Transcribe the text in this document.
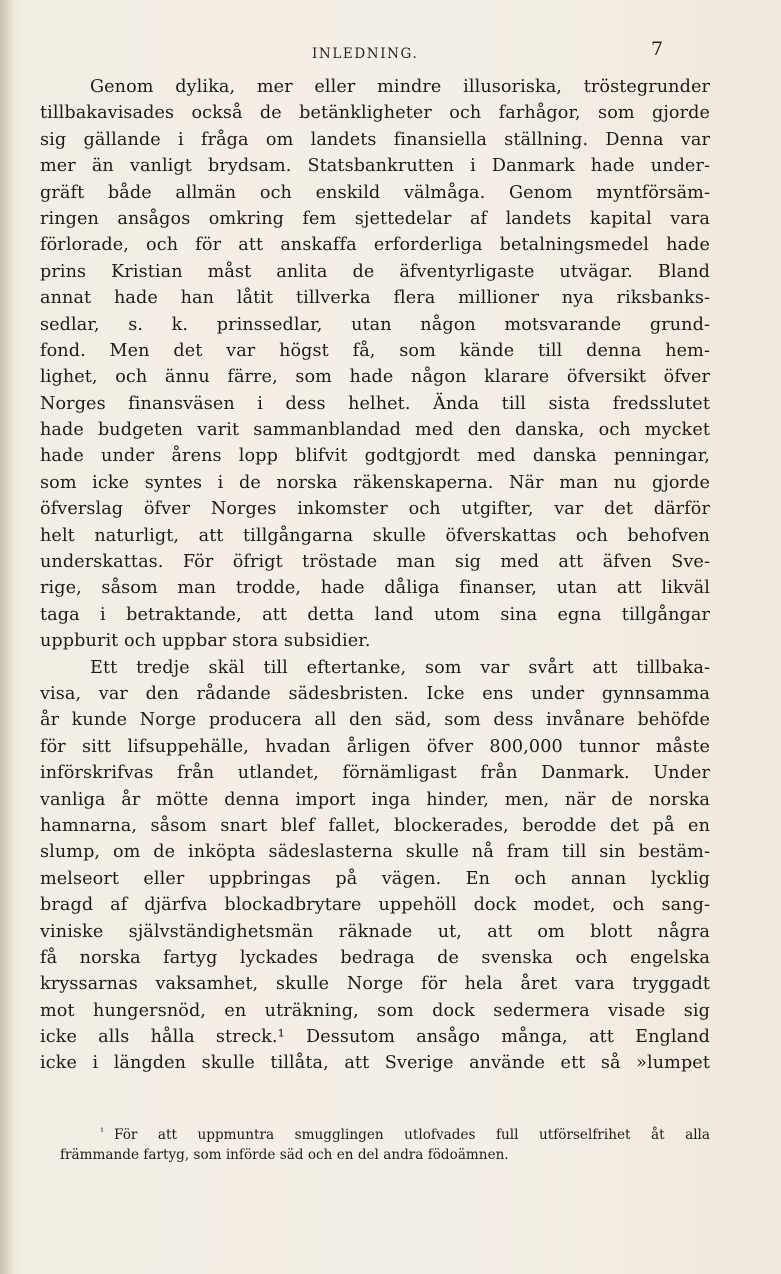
INLEDNING.	7
Genom dylika, mer eller mindre illusoriska, tröstegrunder
tillbakavisades också de betänkligheter och farhågor, som gjorde
sig gällande i fråga om landets finansiella ställning. Denna var
mer än vanligt brydsam. Statsbankrutten i Danmark hade under-
gräft både allmän och enskild välmåga. Genom myntförsäm-
ringen ansågos omkring fem sjettedelar af landets kapital vara
förlorade, och för att anskaffa erforderliga betalningsmedel hade
prins Kristian måst anlita de äfventyrligaste utvägar. Bland
annat hade han låtit tillverka flera millioner nya riksbanks-
sedlar, s. k. prinssedlar, utan någon motsvarande grund-
fond. Men det var högst få, som kände till denna hem-
lighet, och ännu färre, som hade någon klarare öfversikt öfver
Norges finansväsen i dess helhet. Ända till sista fredsslutet
hade budgeten varit sammanblandad med den danska, och mycket
hade under årens lopp blifvit godtgjordt med danska penningar,
som icke syntes i de norska räkenskaperna. När man nu gjorde
öfverslag öfver Norges inkomster och utgifter, var det därför
helt naturligt, att tillgångarna skulle öfverskattas och behofven
underskattas. För öfrigt tröstade man sig med att äfven Sve-
rige, såsom man trodde, hade dåliga finanser, utan att likväl
taga i betraktande, att detta land utom sina egna tillgångar
uppburit och uppbar stora subsidier.
Ett tredje skäl till eftertanke, som var svårt att tillbaka-
visa, var den rådande sädesbristen. Icke ens under gynnsamma
år kunde Norge producera all den säd, som dess invånare behöfde
för sitt lifsuppehälle, hvadan årligen öfver 800,000 tunnor måste
införskrifvas från utlandet, förnämligast från Danmark. Under
vanliga år mötte denna import inga hinder, men, när de norska
hamnarna, såsom snart blef fallet, blockerades, berodde det på en
slump, om de inköpta sädeslasterna skulle nå fram till sin bestäm-
melseort eller uppbringas på vägen. En och annan lycklig
bragd af djärfva blockadbrytare uppehöll dock modet, och sang-
viniske självständighetsmän räknade ut, att om blott några
få norska fartyg lyckades bedraga de svenska och engelska
kryssarnas vaksamhet, skulle Norge för hela året vara tryggadt
mot hungersnöd, en uträkning, som dock sedermera visade sig
icke alls hålla streck.¹ Dessutom ansågo många, att England
icke i längden skulle tillåta, att Sverige använde ett så »lumpet
$^{^1}$ För att uppmuntra smugglingen utlofvades full utförselfrihet åt alla
främmande fartyg, som införde säd och en del andra födoämnen.
